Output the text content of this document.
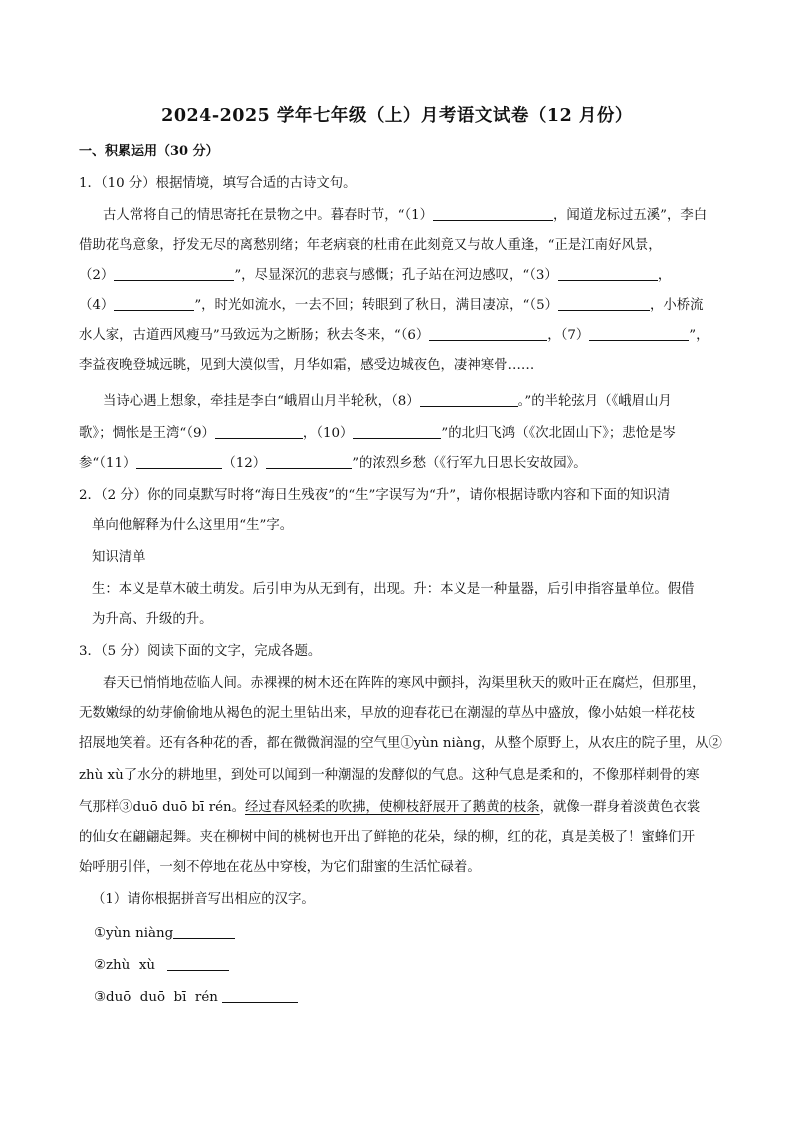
2024-2025 学年七年级（上）月考语文试卷（12 月份）
一、积累运用（30 分）
1．（10 分）根据情境，填写合适的古诗文句。
古人常将自己的情思寄托在景物之中。暮春时节，“（1）	，闻道龙标过五溪”，李白
借助花鸟意象，抒发无尽的离愁别绪；年老病衰的杜甫在此刻竟又与故人重逢，“正是江南好风景，
（2）	”，尽显深沉的悲哀与感慨；孔子站在河边感叹，“（3）	，
（4）	”，时光如流水，一去不回；转眼到了秋日，满目凄凉，“（5）	，小桥流
水人家，古道西风瘦马”马致远为之断肠；秋去冬来，“（6）	，（7）	”，
李益夜晚登城远眺，见到大漠似雪，月华如霜，感受边城夜色，凄神寒骨……
当诗心遇上想象，牵挂是李白“峨眉山月半轮秋，（8）	。”的半轮弦月（《峨眉山月
歌》；惆怅是王湾“（9）	，（10）	”的北归飞鸿（《次北固山下》；悲怆是岑
参“（11）	（12）	”的浓烈乡愁（《行军九日思长安故园》。
2．（2 分）你的同桌默写时将“海日生残夜”的“生”字误写为“升”，请你根据诗歌内容和下面的知识清
单向他解释为什么这里用“生”字。
知识清单
生：本义是草木破土萌发。后引申为从无到有，出现。升：本义是一种量器，后引申指容量单位。假借
为升高、升级的升。
3．（5 分）阅读下面的文字，完成各题。
春天已悄悄地莅临人间。赤裸裸的树木还在阵阵的寒风中颤抖，沟渠里秋天的败叶正在腐烂，但那里，
无数嫩绿的幼芽偷偷地从褐色的泥土里钻出来，早放的迎春花已在潮湿的草丛中盛放，像小姑娘一样花枝
招展地笑着。还有各种花的香，都在微微润湿的空气里①yùn niàng，从整个原野上，从农庄的院子里，从②
zhù xù了水分的耕地里，到处可以闻到一种潮湿的发酵似的气息。这种气息是柔和的，不像那样刺骨的寒
气那样③duō duō bī rén。经过春风轻柔的吹拂，使柳枝舒展开了鹅黄的枝条，就像一群身着淡黄色衣裳
的仙女在翩翩起舞。夹在柳树中间的桃树也开出了鲜艳的花朵，绿的柳，红的花，真是美极了！蜜蜂们开
始呼朋引伴，一刻不停地在花丛中穿梭，为它们甜蜜的生活忙碌着。
（1）请你根据拼音写出相应的汉字。
①yùn niàng
②zhù  xù
③duō  duō  bī  rén
